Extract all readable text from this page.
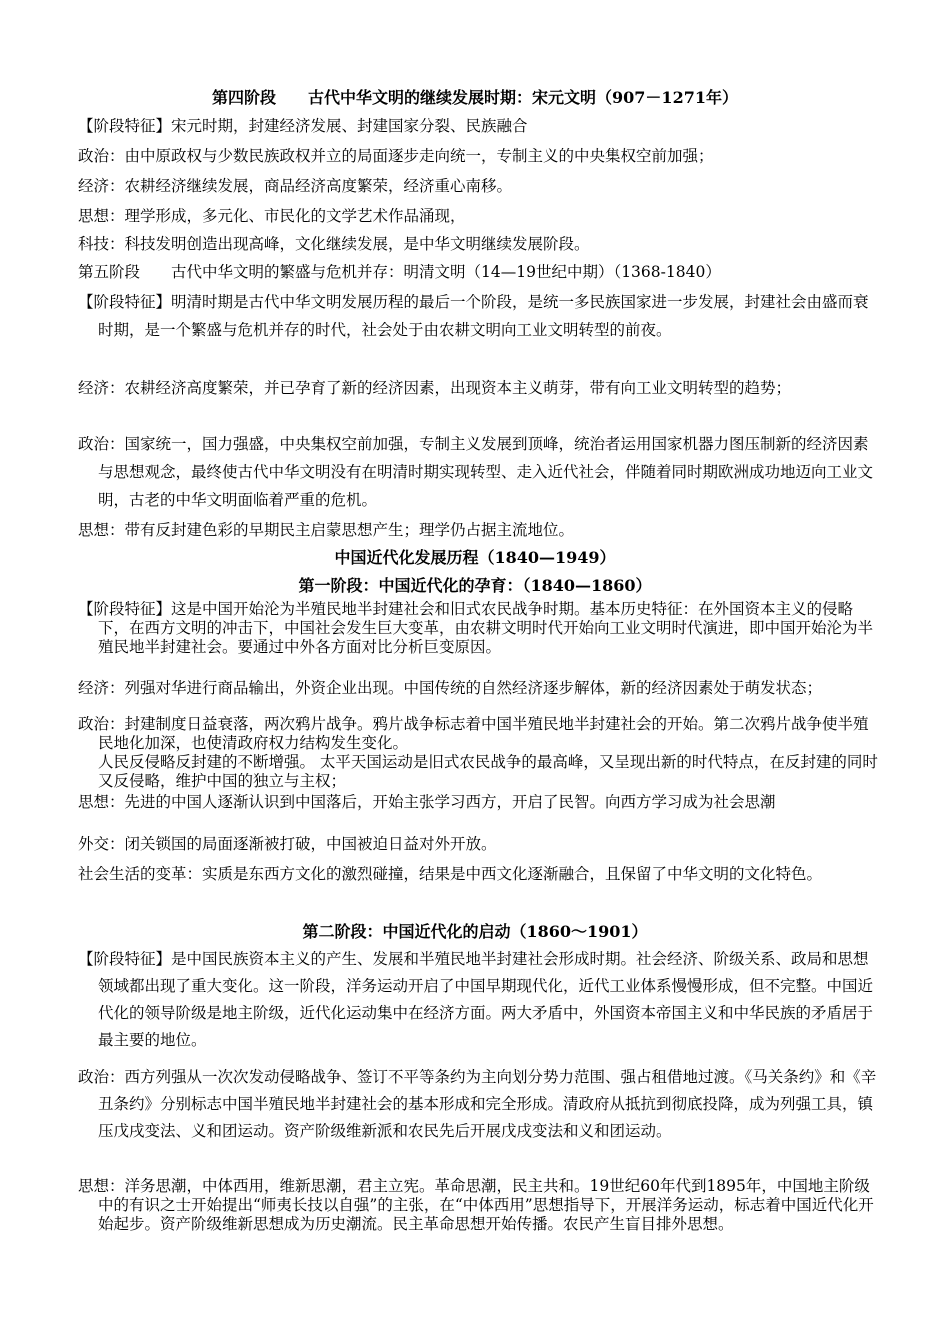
第四阶段　　古代中华文明的继续发展时期：宋元文明（907－1271年）
【阶段特征】宋元时期，封建经济发展、封建国家分裂、民族融合
政治：由中原政权与少数民族政权并立的局面逐步走向统一，专制主义的中央集权空前加强；
经济：农耕经济继续发展，商品经济高度繁荣，经济重心南移。
思想：理学形成，多元化、市民化的文学艺术作品涌现，
科技：科技发明创造出现高峰，文化继续发展，是中华文明继续发展阶段。
第五阶段　　古代中华文明的繁盛与危机并存：明清文明（14—19世纪中期）（1368-1840）
【阶段特征】明清时期是古代中华文明发展历程的最后一个阶段，是统一多民族国家进一步发展，封建社会由盛而衰时期，是一个繁盛与危机并存的时代，社会处于由农耕文明向工业文明转型的前夜。
经济：农耕经济高度繁荣，并已孕育了新的经济因素，出现资本主义萌芽，带有向工业文明转型的趋势；
政治：国家统一，国力强盛，中央集权空前加强，专制主义发展到顶峰，统治者运用国家机器力图压制新的经济因素与思想观念，最终使古代中华文明没有在明清时期实现转型、走入近代社会，伴随着同时期欧洲成功地迈向工业文明，古老的中华文明面临着严重的危机。
思想：带有反封建色彩的早期民主启蒙思想产生；理学仍占据主流地位。
中国近代化发展历程（1840—1949）
第一阶段：中国近代化的孕育：（1840—1860）
【阶段特征】这是中国开始沦为半殖民地半封建社会和旧式农民战争时期。基本历史特征：在外国资本主义的侵略下，在西方文明的冲击下，中国社会发生巨大变革，由农耕文明时代开始向工业文明时代演进，即中国开始沦为半殖民地半封建社会。要通过中外各方面对比分析巨变原因。
经济：列强对华进行商品输出，外资企业出现。中国传统的自然经济逐步解体，新的经济因素处于萌发状态；
政治：封建制度日益衰落，两次鸦片战争。鸦片战争标志着中国半殖民地半封建社会的开始。第二次鸦片战争使半殖民地化加深，也使清政府权力结构发生变化。
人民反侵略反封建的不断增强。 太平天国运动是旧式农民战争的最高峰，又呈现出新的时代特点，在反封建的同时又反侵略，维护中国的独立与主权；
思想：先进的中国人逐渐认识到中国落后，开始主张学习西方，开启了民智。向西方学习成为社会思潮
外交：闭关锁国的局面逐渐被打破，中国被迫日益对外开放。
社会生活的变革：实质是东西方文化的激烈碰撞，结果是中西文化逐渐融合，且保留了中华文明的文化特色。
第二阶段：中国近代化的启动（1860～1901）
【阶段特征】是中国民族资本主义的产生、发展和半殖民地半封建社会形成时期。社会经济、阶级关系、政局和思想领域都出现了重大变化。这一阶段，洋务运动开启了中国早期现代化，近代工业体系慢慢形成，但不完整。中国近代化的领导阶级是地主阶级，近代化运动集中在经济方面。两大矛盾中，外国资本帝国主义和中华民族的矛盾居于最主要的地位。
政治：西方列强从一次次发动侵略战争、签订不平等条约为主向划分势力范围、强占租借地过渡。《马关条约》和《辛丑条约》分别标志中国半殖民地半封建社会的基本形成和完全形成。清政府从抵抗到彻底投降，成为列强工具，镇压戊戌变法、义和团运动。资产阶级维新派和农民先后开展戊戌变法和义和团运动。
思想：洋务思潮，中体西用，维新思潮，君主立宪。革命思潮，民主共和。19世纪60年代到1895年，中国地主阶级中的有识之士开始提出“师夷长技以自强”的主张，在“中体西用”思想指导下，开展洋务运动，标志着中国近代化开始起步。资产阶级维新思想成为历史潮流。民主革命思想开始传播。农民产生盲目排外思想。
